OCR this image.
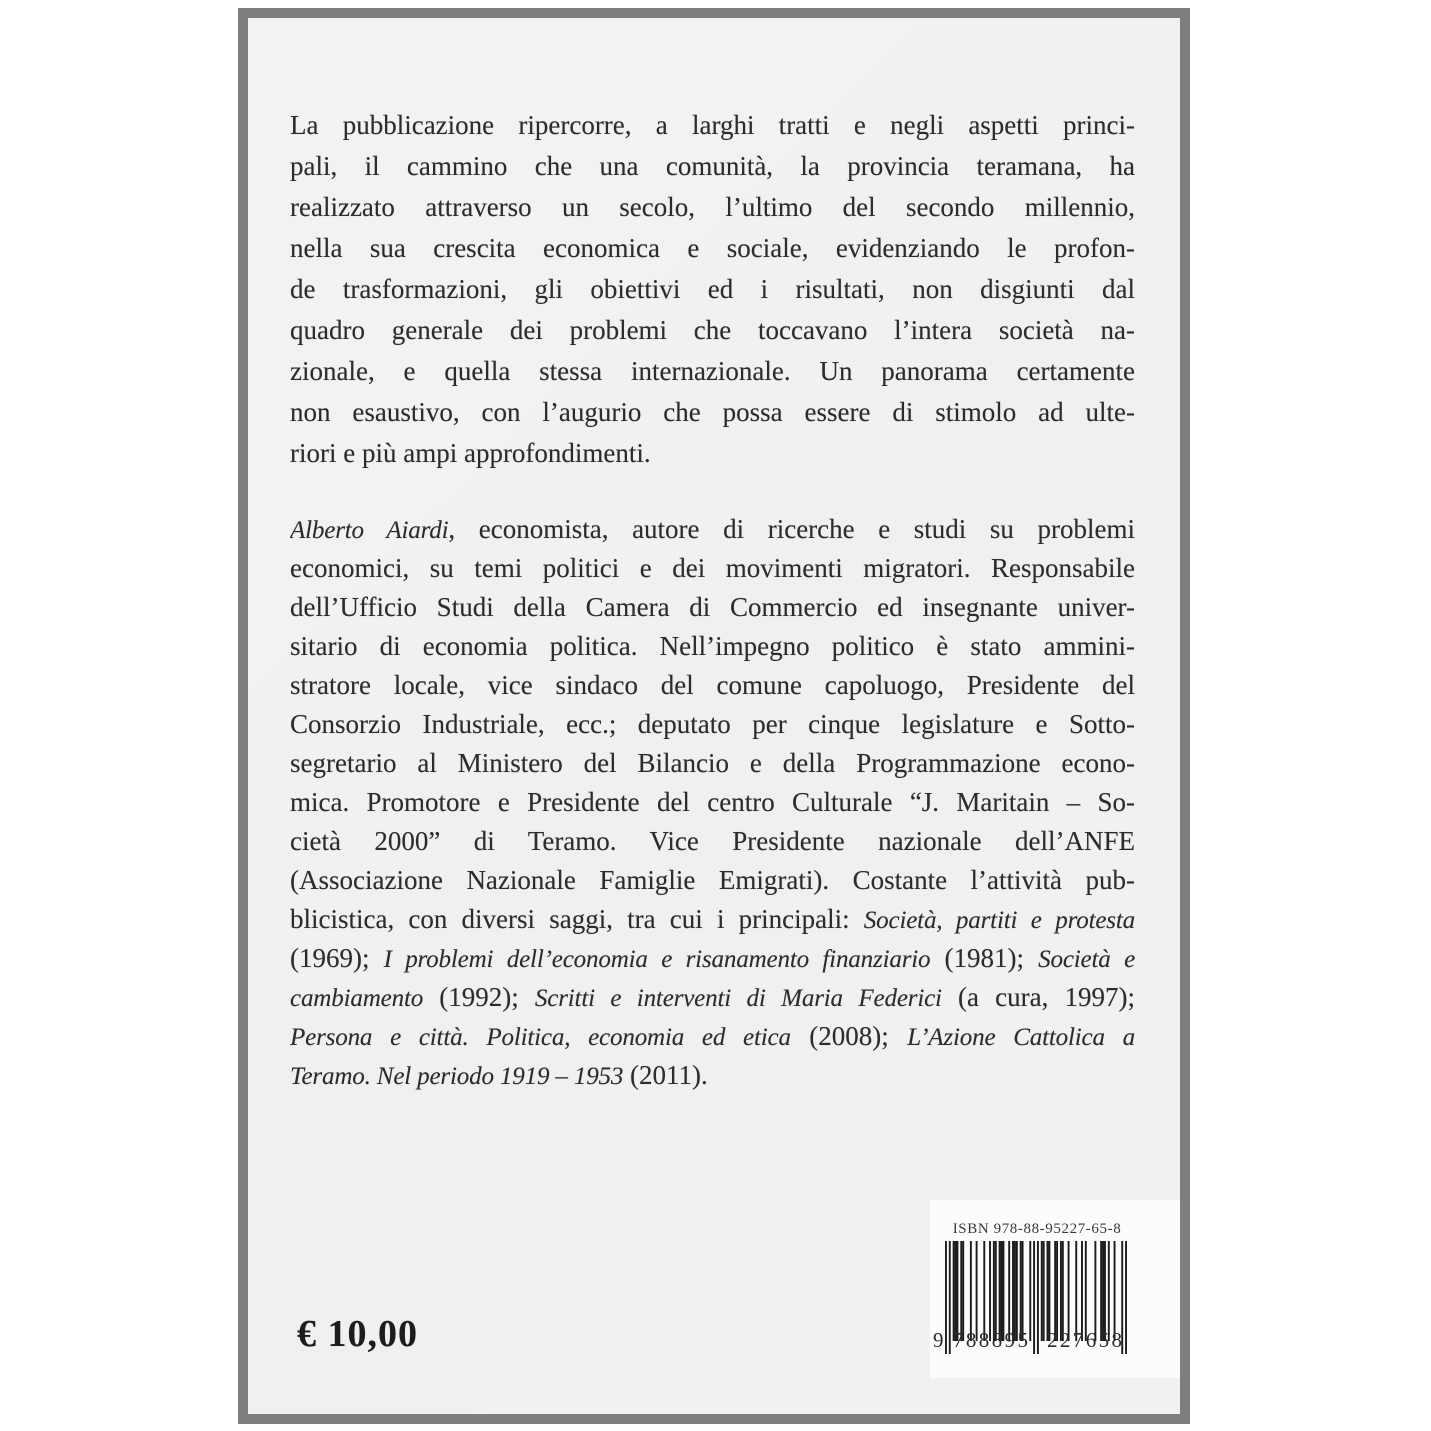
La pubblicazione ripercorre, a larghi tratti e negli aspetti princi-
pali, il cammino che una comunità, la provincia teramana, ha
realizzato attraverso un secolo, l’ultimo del secondo millennio,
nella sua crescita economica e sociale, evidenziando le profon-
de trasformazioni, gli obiettivi ed i risultati, non disgiunti dal
quadro generale dei problemi che toccavano l’intera società na-
zionale, e quella stessa internazionale. Un panorama certamente
non esaustivo, con l’augurio che possa essere di stimolo ad ulte-
riori e più ampi approfondimenti.
Alberto Aiardi, economista, autore di ricerche e studi su problemi
economici, su temi politici e dei movimenti migratori. Responsabile
dell’Ufficio Studi della Camera di Commercio ed insegnante univer-
sitario di economia politica. Nell’impegno politico è stato ammini-
stratore locale, vice sindaco del comune capoluogo, Presidente del
Consorzio Industriale, ecc.; deputato per cinque legislature e Sotto-
segretario al Ministero del Bilancio e della Programmazione econo-
mica. Promotore e Presidente del centro Culturale “J. Maritain – So-
cietà 2000” di Teramo. Vice Presidente nazionale dell’ANFE
(Associazione Nazionale Famiglie Emigrati). Costante l’attività pub-
blicistica, con diversi saggi, tra cui i principali: Società, partiti e protesta
(1969); I problemi dell’economia e risanamento finanziario (1981); Società e
cambiamento (1992); Scritti e interventi di Maria Federici (a cura, 1997);
Persona e città. Politica, economia ed etica (2008); L’Azione Cattolica a
Teramo. Nel periodo 1919 – 1953 (2011).
€ 10,00
ISBN 978-88-95227-65-8
9 788895 227658
